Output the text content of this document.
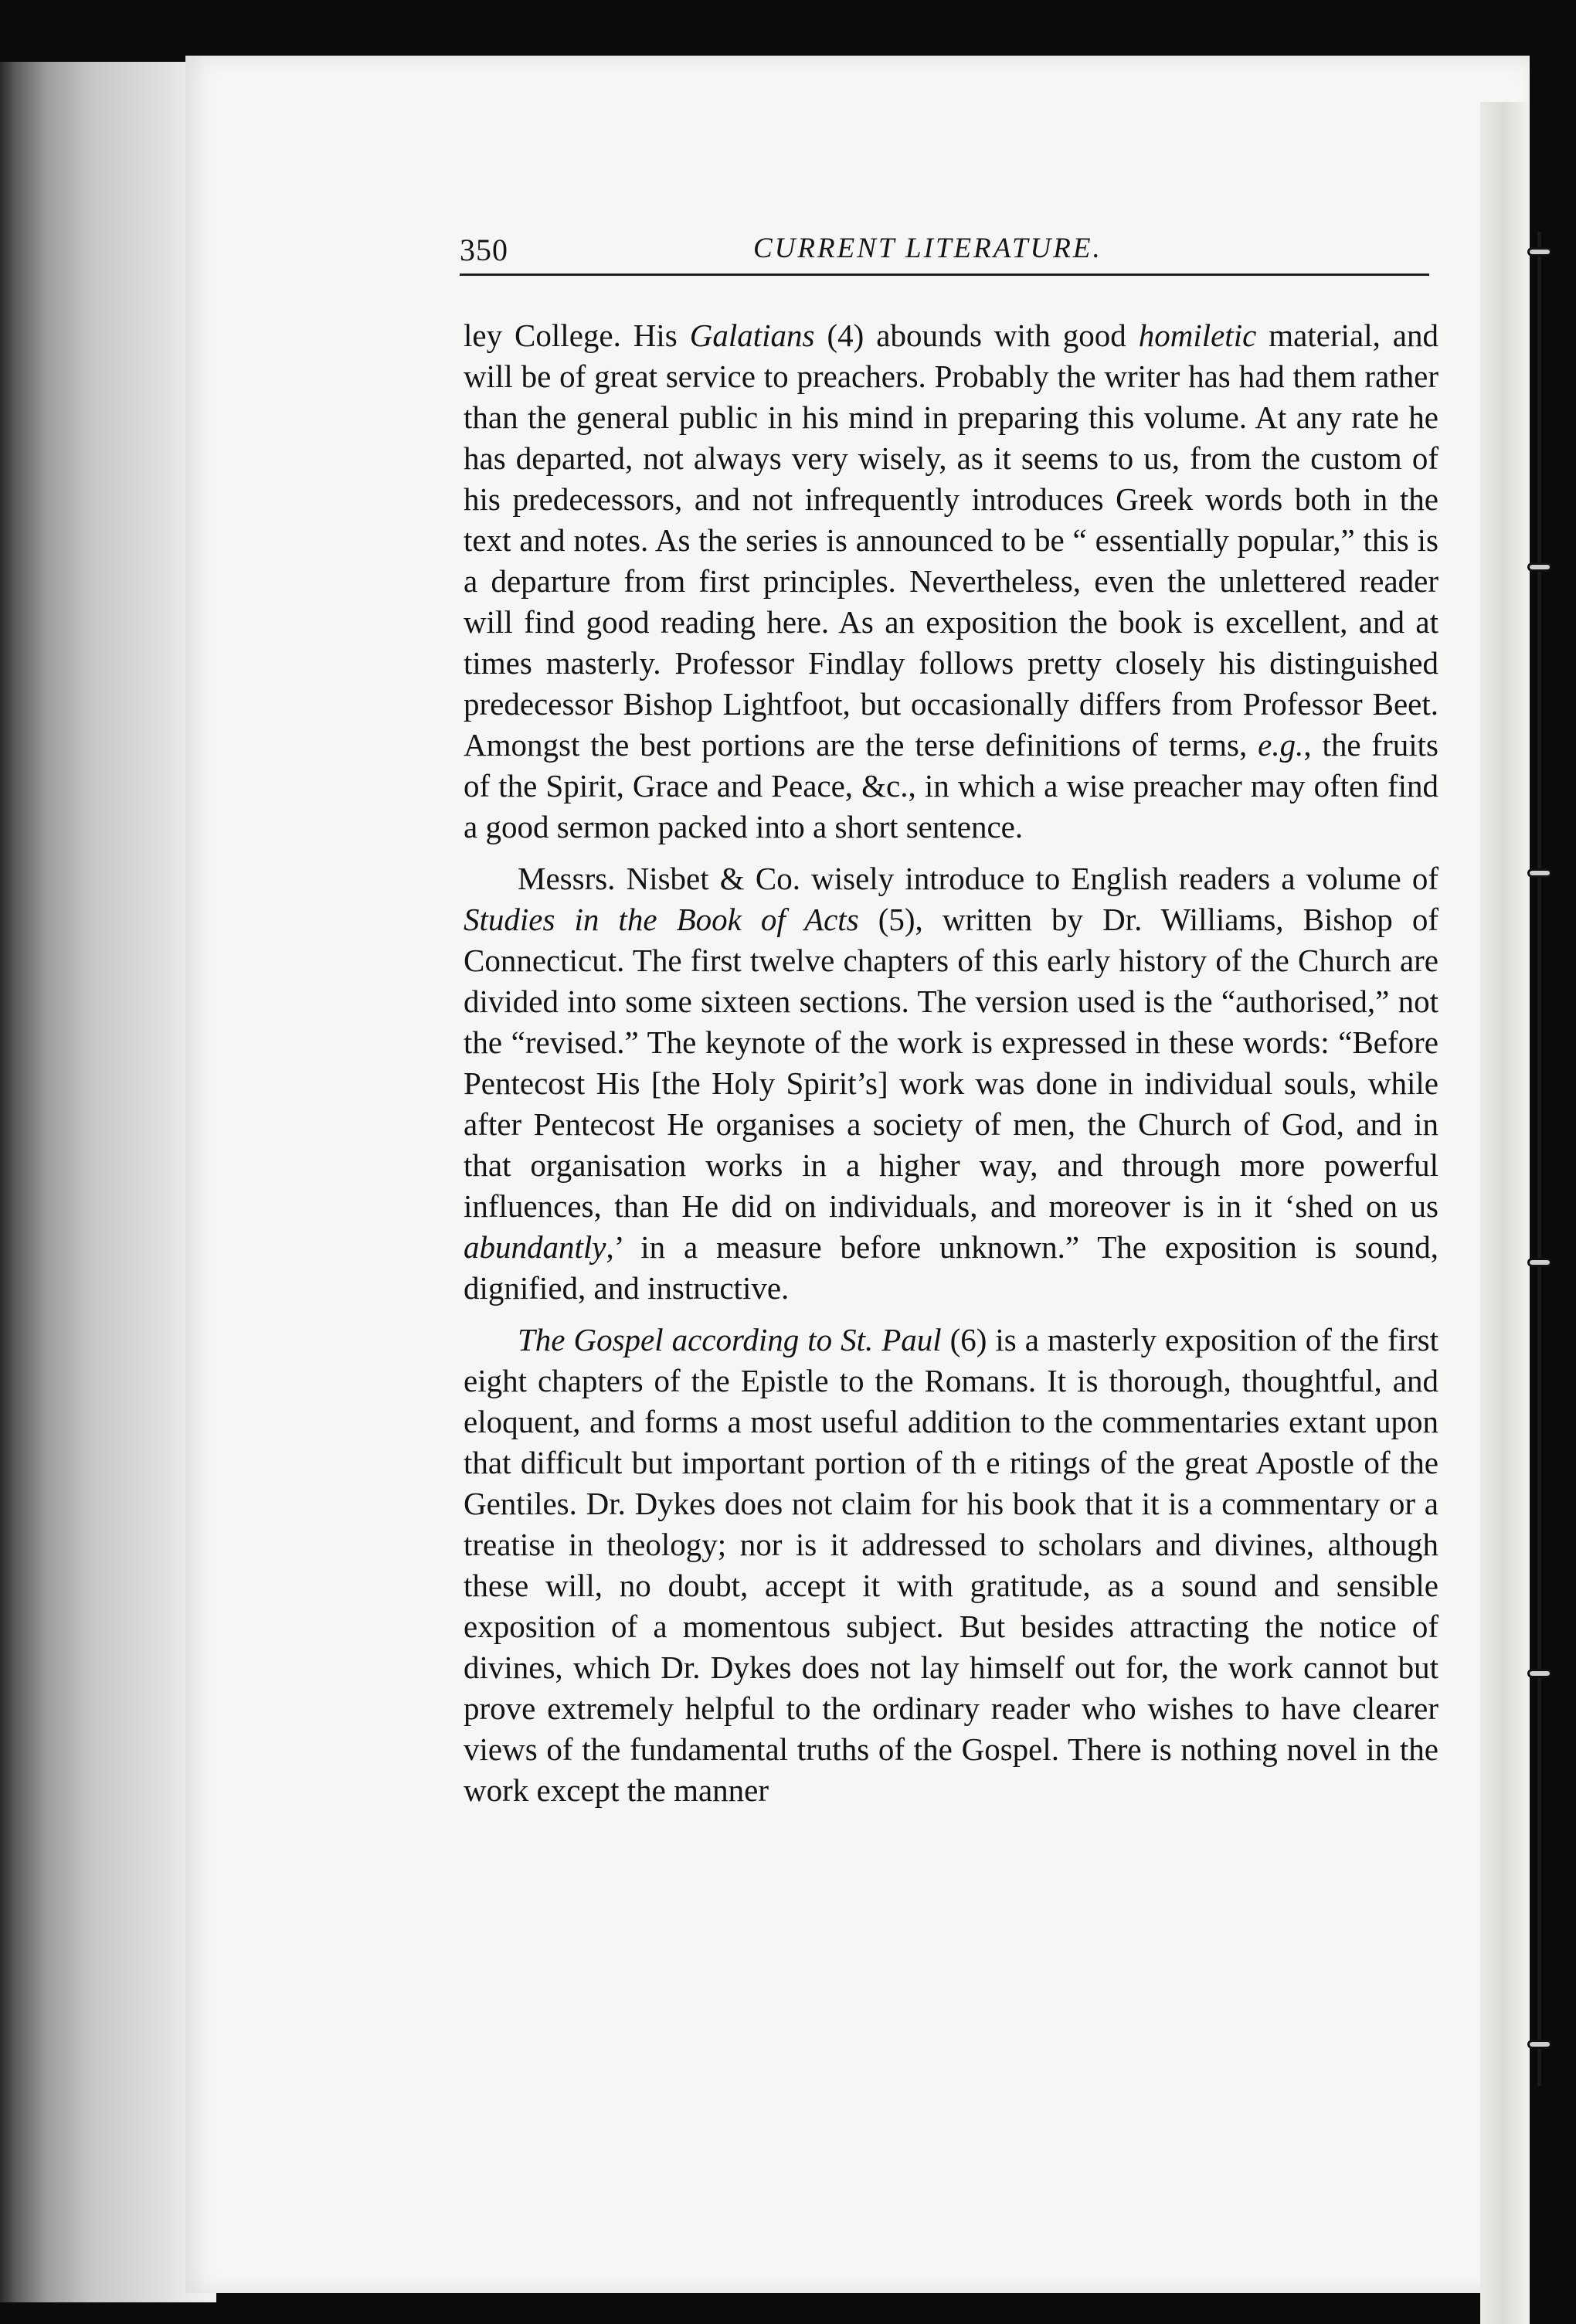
350	CURRENT LITERATURE.

ley College. His Galatians (4) abounds with good homiletic material, and will be of great service to preachers. Probably the writer has had them rather than the general public in his mind in preparing this volume. At any rate he has departed, not always very wisely, as it seems to us, from the custom of his predecessors, and not infrequently introduces Greek words both in the text and notes. As the series is announced to be “ essentially popular,” this is a departure from first principles. Nevertheless, even the unlettered reader will find good reading here. As an exposition the book is excellent, and at times masterly. Professor Findlay follows pretty closely his distinguished predecessor Bishop Lightfoot, but occasionally differs from Professor Beet. Amongst the best portions are the terse definitions of terms, e.g., the fruits of the Spirit, Grace and Peace, &c., in which a wise preacher may often find a good sermon packed into a short sentence.

Messrs. Nisbet & Co. wisely introduce to English readers a volume of Studies in the Book of Acts (5), written by Dr. Williams, Bishop of Connecticut. The first twelve chapters of this early history of the Church are divided into some sixteen sections. The version used is the “authorised,” not the “revised.” The keynote of the work is expressed in these words: “Before Pentecost His [the Holy Spirit’s] work was done in individual souls, while after Pentecost He organises a society of men, the Church of God, and in that organisation works in a higher way, and through more powerful influences, than He did on individuals, and moreover is in it ‘shed on us abundantly,’ in a measure before unknown.” The exposition is sound, dignified, and instructive.

The Gospel according to St. Paul (6) is a masterly exposition of the first eight chapters of the Epistle to the Romans. It is thorough, thoughtful, and eloquent, and forms a most useful addition to the commentaries extant upon that difficult but important portion of th e ritings of the great Apostle of the Gentiles. Dr. Dykes does not claim for his book that it is a commentary or a treatise in theology; nor is it addressed to scholars and divines, although these will, no doubt, accept it with gratitude, as a sound and sensible exposition of a momentous subject. But besides attracting the notice of divines, which Dr. Dykes does not lay himself out for, the work cannot but prove extremely helpful to the ordinary reader who wishes to have clearer views of the fundamental truths of the Gospel. There is nothing novel in the work except the manner
